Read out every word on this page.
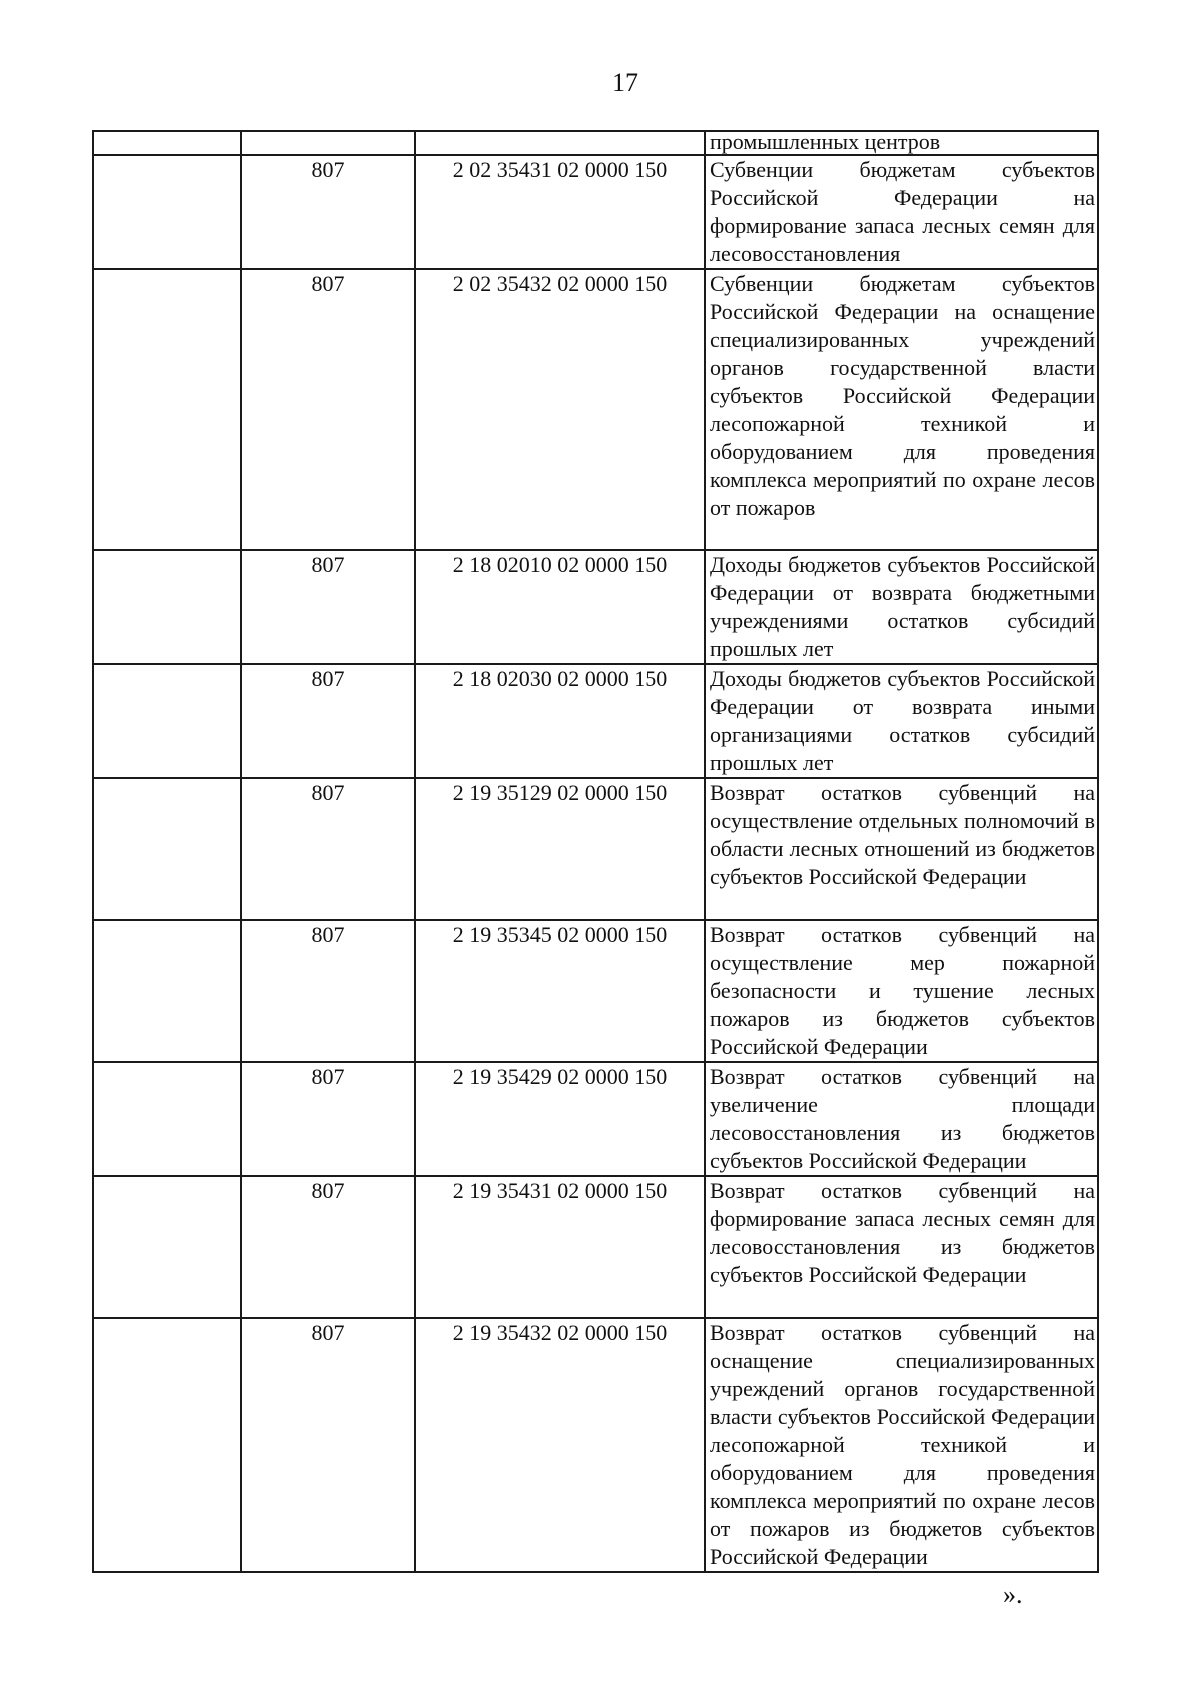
17
			промышленных центров
	807	2 02 35431 02 0000 150	Субвенции бюджетам субъектов Российской Федерации на формирование запаса лесных семян для лесовосстановления
	807	2 02 35432 02 0000 150	Субвенции бюджетам субъектов Российской Федерации на оснащение специализированных учреждений органов государственной власти субъектов Российской Федерации лесопожарной техникой и оборудованием для проведения комплекса мероприятий по охране лесов от пожаров
	807	2 18 02010 02 0000 150	Доходы бюджетов субъектов Российской Федерации от возврата бюджетными учреждениями остатков субсидий прошлых лет
	807	2 18 02030 02 0000 150	Доходы бюджетов субъектов Российской Федерации от возврата иными организациями остатков субсидий прошлых лет
	807	2 19 35129 02 0000 150	Возврат остатков субвенций на осуществление отдельных полномочий в области лесных отношений из бюджетов субъектов Российской Федерации
	807	2 19 35345 02 0000 150	Возврат остатков субвенций на осуществление мер пожарной безопасности и тушение лесных пожаров из бюджетов субъектов Российской Федерации
	807	2 19 35429 02 0000 150	Возврат остатков субвенций на увеличение площади лесовосстановления из бюджетов субъектов Российской Федерации
	807	2 19 35431 02 0000 150	Возврат остатков субвенций на формирование запаса лесных семян для лесовосстановления из бюджетов субъектов Российской Федерации
	807	2 19 35432 02 0000 150	Возврат остатков субвенций на оснащение специализированных учреждений органов государственной власти субъектов Российской Федерации лесопожарной техникой и оборудованием для проведения комплекса мероприятий по охране лесов от пожаров из бюджетов субъектов Российской Федерации
».
